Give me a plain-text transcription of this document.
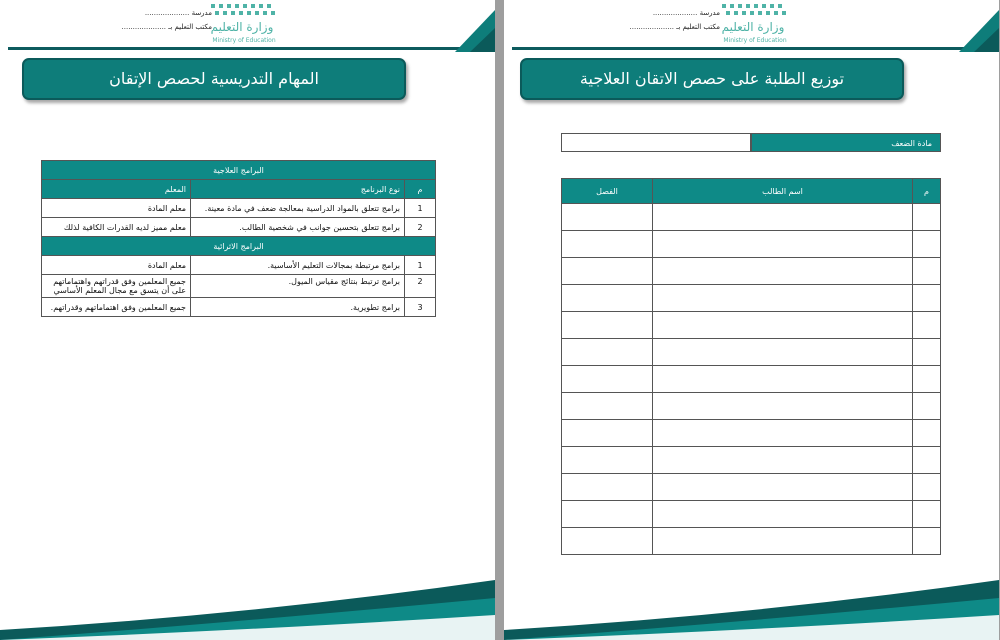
مدرسة ....................
مكتب التعليم بـ ....................	وزارة التعليم
Ministry of Education
المهام التدريسية لحصص الإتقان
البرامج العلاجية		
م	نوع البرنامج	المعلم
1	برامج تتعلق بالمواد الدراسية بمعالجة ضعف في مادة معينة.	معلم المادة
2	برامج تتعلق بتحسين جوانب في شخصية الطالب.	معلم مميز لديه القدرات الكافية لذلك
البرامج الاثرائية		
1	برامج مرتبطة بمجالات التعليم الأساسية.	معلم المادة
2	برامج ترتبط بنتائج مقياس الميول.	جميع المعلمين وفق قدراتهم واهتماماتهم على أن يتسق مع مجال المعلم الأساسي
3	برامج تطويرية.	جميع المعلمين وفق اهتماماتهم وقدراتهم.
مدرسة ....................
مكتب التعليم بـ ....................	وزارة التعليم
Ministry of Education
توزيع الطلبة على حصص الاتقان العلاجية
مادة الضعف
م	اسم الطالب	الفصل
